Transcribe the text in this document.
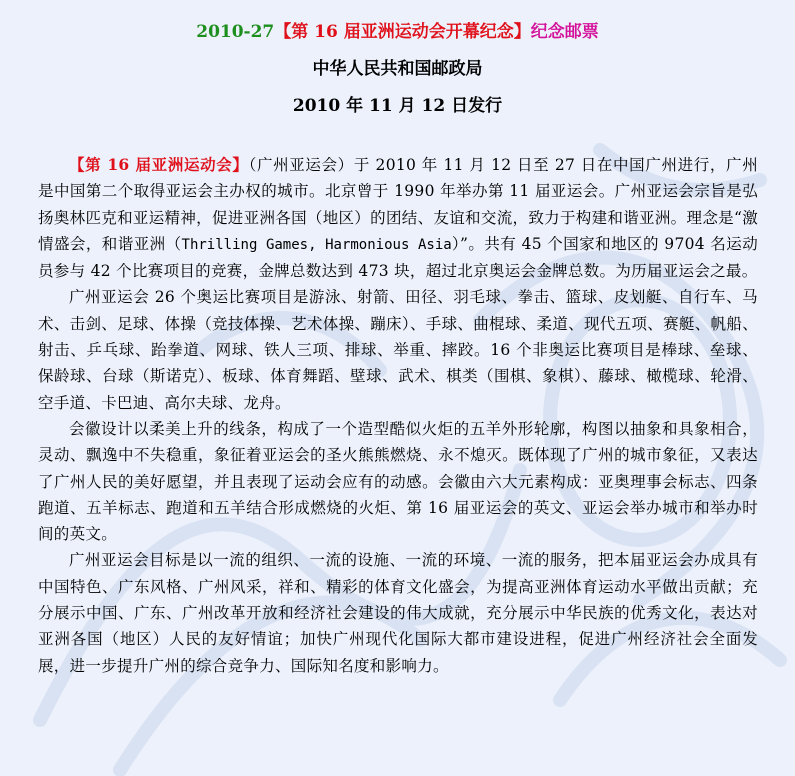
2010-27【第 16 届亚洲运动会开幕纪念】纪念邮票
中华人民共和国邮政局
2010 年 11 月 12 日发行

【第 16 届亚洲运动会】（广州亚运会）于 2010 年 11 月 12 日至 27 日在中国广州进行，广州是中国第二个取得亚运会主办权的城市。北京曾于 1990 年举办第 11 届亚运会。广州亚运会宗旨是弘扬奥林匹克和亚运精神，促进亚洲各国（地区）的团结、友谊和交流，致力于构建和谐亚洲。理念是“激情盛会，和谐亚洲（Thrilling Games, Harmonious Asia）”。共有 45 个国家和地区的 9704 名运动员参与 42 个比赛项目的竞赛，金牌总数达到 473 块，超过北京奥运会金牌总数。为历届亚运会之最。

广州亚运会 26 个奥运比赛项目是游泳、射箭、田径、羽毛球、拳击、篮球、皮划艇、自行车、马术、击剑、足球、体操（竞技体操、艺术体操、蹦床）、手球、曲棍球、柔道、现代五项、赛艇、帆船、射击、乒乓球、跆拳道、网球、铁人三项、排球、举重、摔跤。16 个非奥运比赛项目是棒球、垒球、保龄球、台球（斯诺克）、板球、体育舞蹈、壁球、武术、棋类（围棋、象棋）、藤球、橄榄球、轮滑、空手道、卡巴迪、高尔夫球、龙舟。

会徽设计以柔美上升的线条，构成了一个造型酷似火炬的五羊外形轮廓，构图以抽象和具象相合，灵动、飘逸中不失稳重，象征着亚运会的圣火熊熊燃烧、永不熄灭。既体现了广州的城市象征，又表达了广州人民的美好愿望，并且表现了运动会应有的动感。会徽由六大元素构成：亚奥理事会标志、四条跑道、五羊标志、跑道和五羊结合形成燃烧的火炬、第 16 届亚运会的英文、亚运会举办城市和举办时间的英文。

广州亚运会目标是以一流的组织、一流的设施、一流的环境、一流的服务，把本届亚运会办成具有中国特色、广东风格、广州风采，祥和、精彩的体育文化盛会，为提高亚洲体育运动水平做出贡献；充分展示中国、广东、广州改革开放和经济社会建设的伟大成就，充分展示中华民族的优秀文化，表达对亚洲各国（地区）人民的友好情谊；加快广州现代化国际大都市建设进程，促进广州经济社会全面发展，进一步提升广州的综合竞争力、国际知名度和影响力。
